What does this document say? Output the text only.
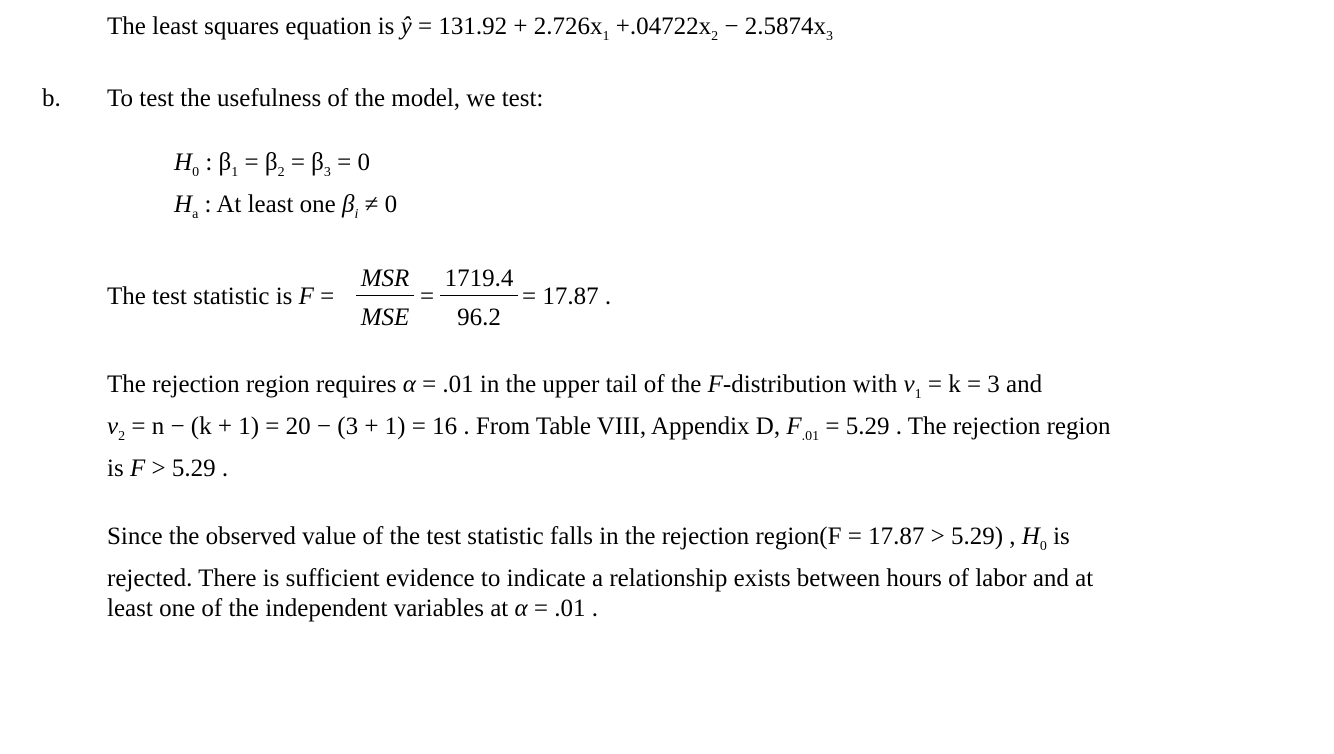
The least squares equation is ŷ = $131.92 + 2.726x_1 +.04722x_2 - 2.5874x_3$
b. To test the usefulness of the model, we test:
$H_0$ : $\beta_1 = \beta_2 = \beta_3 = 0$
$H_a$ : At least one $\beta_i \ne 0$
The test statistic is F =
MSR
MSE
=
1719.4
96.2
= 17.87 .
The rejection region requires α = .01 in the upper tail of the F-distribution with $\nu_1 = k = 3$ and
$\nu_2 = n - (k + 1) = 20 - (3 + 1) = 16$ . From Table VIII, Appendix D, $F_{.01} = 5.29$ . The rejection region
is F > 5.29 .
Since the observed value of the test statistic falls in the rejection region(F = 17.87 > 5.29) , $H_0$ is
rejected. There is sufficient evidence to indicate a relationship exists between hours of labor and at
least one of the independent variables at α = .01 .
